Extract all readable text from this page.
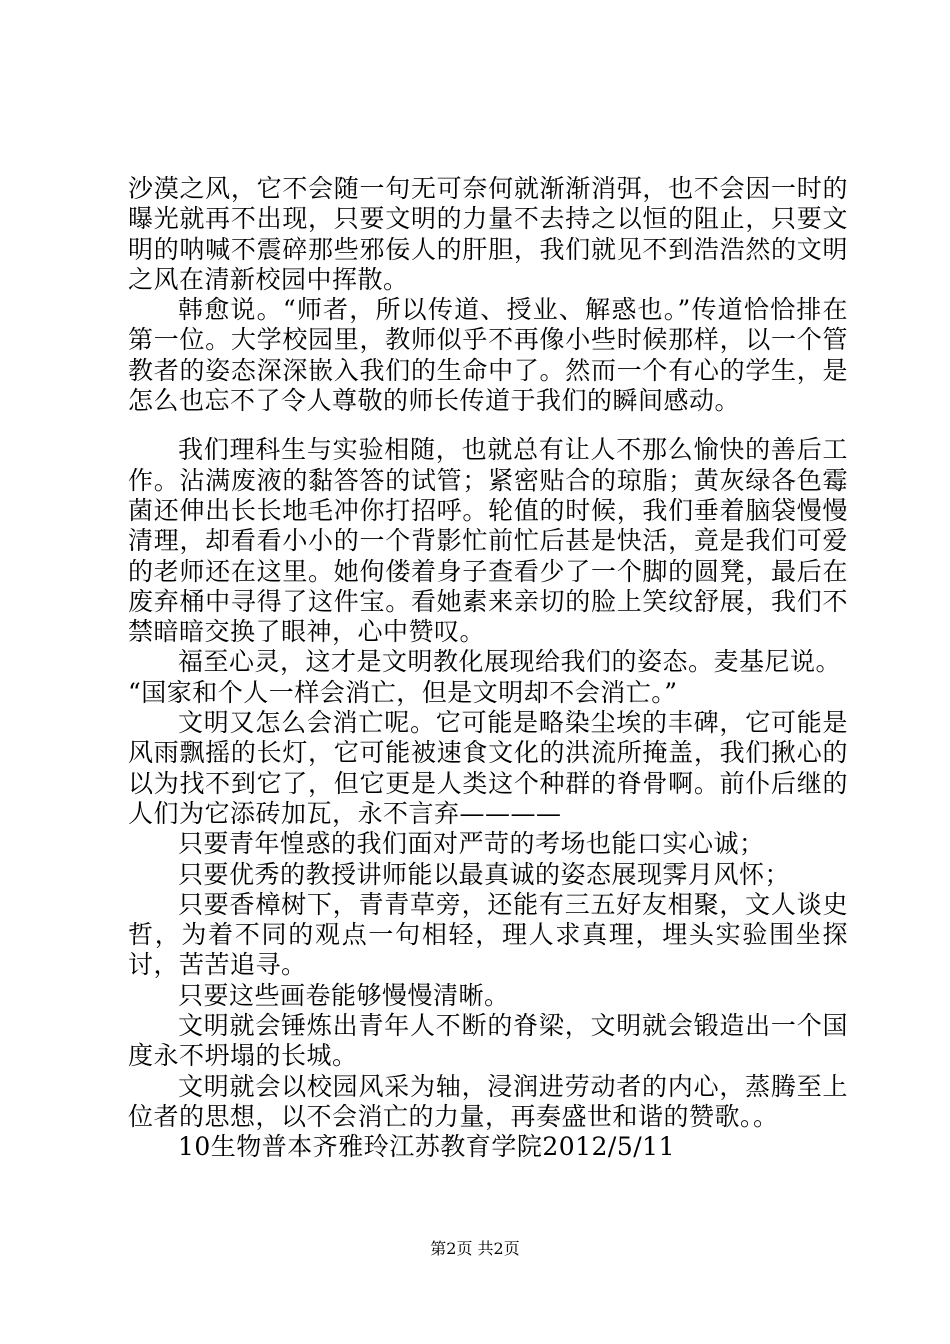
沙漠之风，它不会随一句无可奈何就渐渐消弭，也不会因一时的曝光就再不出现，只要文明的力量不去持之以恒的阻止，只要文明的呐喊不震碎那些邪佞人的肝胆，我们就见不到浩浩然的文明之风在清新校园中挥散。

韩愈说。“师者，所以传道、授业、解惑也。”传道恰恰排在第一位。大学校园里，教师似乎不再像小些时候那样，以一个管教者的姿态深深嵌入我们的生命中了。然而一个有心的学生，是怎么也忘不了令人尊敬的师长传道于我们的瞬间感动。

我们理科生与实验相随，也就总有让人不那么愉快的善后工作。沾满废液的黏答答的试管；紧密贴合的琼脂；黄灰绿各色霉菌还伸出长长地毛冲你打招呼。轮值的时候，我们垂着脑袋慢慢清理，却看看小小的一个背影忙前忙后甚是快活，竟是我们可爱的老师还在这里。她佝偻着身子查看少了一个脚的圆凳，最后在废弃桶中寻得了这件宝。看她素来亲切的脸上笑纹舒展，我们不禁暗暗交换了眼神，心中赞叹。

福至心灵，这才是文明教化展现给我们的姿态。麦基尼说。

“国家和个人一样会消亡，但是文明却不会消亡。”

文明又怎么会消亡呢。它可能是略染尘埃的丰碑，它可能是风雨飘摇的长灯，它可能被速食文化的洪流所掩盖，我们揪心的以为找不到它了，但它更是人类这个种群的脊骨啊。前仆后继的人们为它添砖加瓦，永不言弃————

只要青年惶惑的我们面对严苛的考场也能口实心诚；

只要优秀的教授讲师能以最真诚的姿态展现霁月风怀；

只要香樟树下，青青草旁，还能有三五好友相聚，文人谈史哲，为着不同的观点一句相轻，理人求真理，埋头实验围坐探讨，苦苦追寻。

只要这些画卷能够慢慢清晰。

文明就会锤炼出青年人不断的脊梁，文明就会锻造出一个国度永不坍塌的长城。

文明就会以校园风采为轴，浸润进劳动者的内心，蒸腾至上位者的思想，以不会消亡的力量，再奏盛世和谐的赞歌。。

10生物普本齐雅玲江苏教育学院2012/5/11

第2页 共2页
